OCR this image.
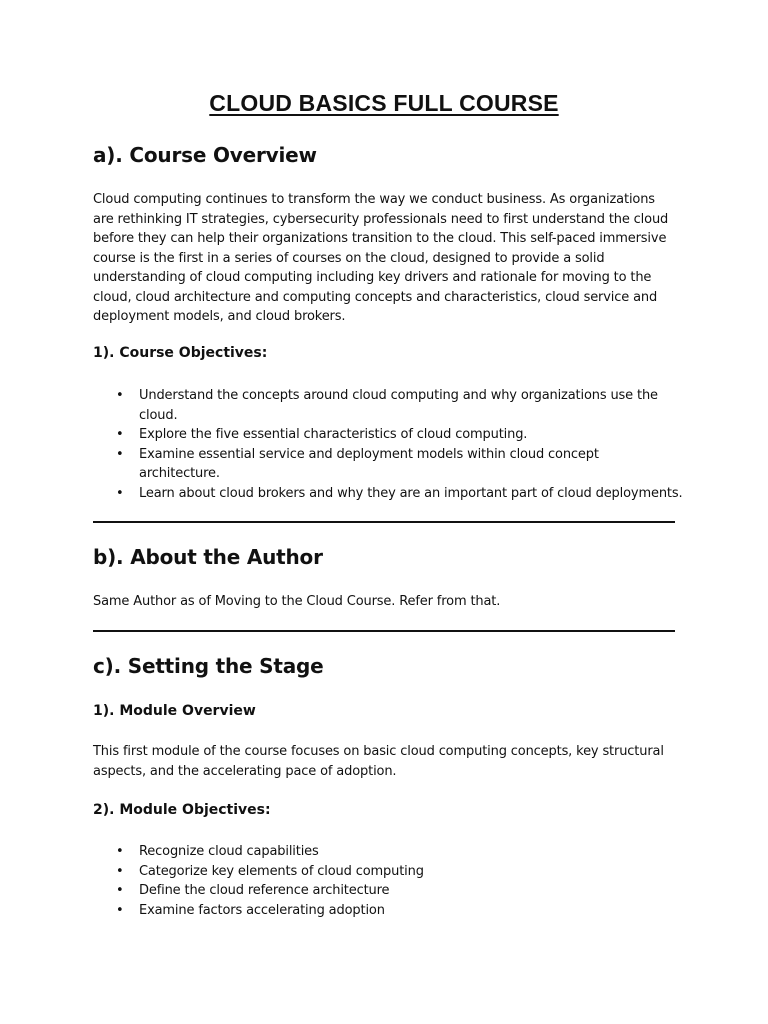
CLOUD BASICS FULL COURSE
a). Course Overview
Cloud computing continues to transform the way we conduct business. As organizations are rethinking IT strategies, cybersecurity professionals need to first understand the cloud before they can help their organizations transition to the cloud. This self-paced immersive course is the first in a series of courses on the cloud, designed to provide a solid understanding of cloud computing including key drivers and rationale for moving to the cloud, cloud architecture and computing concepts and characteristics, cloud service and deployment models, and cloud brokers.
1). Course Objectives:
• Understand the concepts around cloud computing and why organizations use the cloud.
• Explore the five essential characteristics of cloud computing.
• Examine essential service and deployment models within cloud concept architecture.
• Learn about cloud brokers and why they are an important part of cloud deployments.
b). About the Author
Same Author as of Moving to the Cloud Course. Refer from that.
c). Setting the Stage
1). Module Overview
This first module of the course focuses on basic cloud computing concepts, key structural aspects, and the accelerating pace of adoption.
2). Module Objectives:
• Recognize cloud capabilities
• Categorize key elements of cloud computing
• Define the cloud reference architecture
• Examine factors accelerating adoption
